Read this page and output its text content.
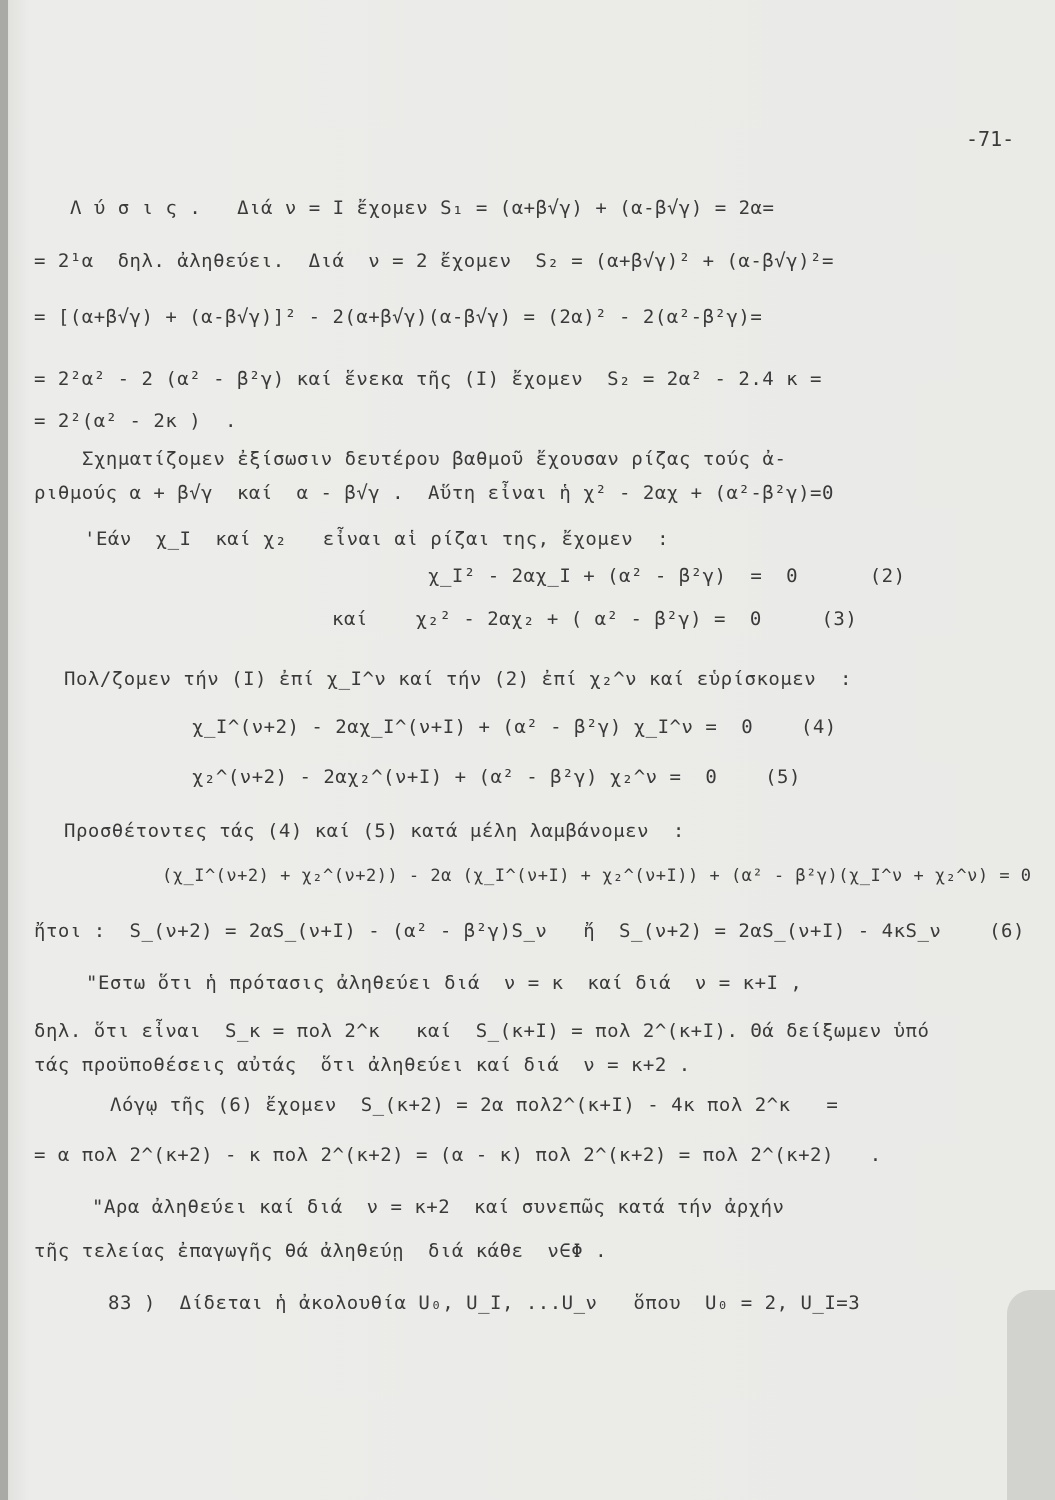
-71-
Λ ύ σ ι ς .   Διά ν = Ι ἔχομεν S₁ = (α+β√γ) + (α-β√γ) = 2α=
= 2¹α  δηλ. ἀληθεύει.  Διά  ν = 2 ἔχομεν  S₂ = (α+β√γ)² + (α-β√γ)²=
= [(α+β√γ) + (α-β√γ)]² - 2(α+β√γ)(α-β√γ) = (2α)² - 2(α²-β²γ)=
= 2²α² - 2 (α² - β²γ) καί ἕνεκα τῆς (Ι) ἔχομεν  S₂ = 2α² - 2.4 κ =
= 2²(α² - 2κ )  .
Σχηματίζομεν ἐξίσωσιν δευτέρου βαθμοῦ ἔχουσαν ρίζας τούς ἀ-
ριθμούς α + β√γ  καί  α - β√γ .  Αὕτη εἶναι ἡ χ² - 2αχ + (α²-β²γ)=0
'Εάν  χ_Ι  καί χ₂   εἶναι αἱ ρίζαι της, ἔχομεν  :
χ_Ι² - 2αχ_Ι + (α² - β²γ)  =  0      (2)
καί    χ₂² - 2αχ₂ + ( α² - β²γ) =  0     (3)
Πολ/ζομεν τήν (Ι) ἐπί χ_Ι^ν καί τήν (2) ἐπί χ₂^ν καί εὑρίσκομεν  :
χ_Ι^(ν+2) - 2αχ_Ι^(ν+Ι) + (α² - β²γ) χ_Ι^ν =  0    (4)
χ₂^(ν+2) - 2αχ₂^(ν+Ι) + (α² - β²γ) χ₂^ν =  0    (5)
Προσθέτοντες τάς (4) καί (5) κατά μέλη λαμβάνομεν  :
(χ_Ι^(ν+2) + χ₂^(ν+2)) - 2α (χ_Ι^(ν+Ι) + χ₂^(ν+Ι)) + (α² - β²γ)(χ_Ι^ν + χ₂^ν) = 0
ἤτοι :  S_(ν+2) = 2αS_(ν+Ι) - (α² - β²γ)S_ν   ἤ  S_(ν+2) = 2αS_(ν+Ι) - 4κS_ν    (6)
"Εστω ὅτι ἡ πρότασις ἀληθεύει διά  ν = κ  καί διά  ν = κ+Ι ,
δηλ. ὅτι εἶναι  S_κ = πολ 2^κ   καί  S_(κ+Ι) = πολ 2^(κ+Ι). Θά δείξωμεν ὑπό
τάς προϋποθέσεις αὐτάς  ὅτι ἀληθεύει καί διά  ν = κ+2 .
Λόγῳ τῆς (6) ἔχομεν  S_(κ+2) = 2α πολ2^(κ+Ι) - 4κ πολ 2^κ   =
= α πολ 2^(κ+2) - κ πολ 2^(κ+2) = (α - κ) πολ 2^(κ+2) = πολ 2^(κ+2)   .
"Αρα ἀληθεύει καί διά  ν = κ+2  καί συνεπῶς κατά τήν ἀρχήν
τῆς τελείας ἐπαγωγῆς θά ἀληθεύῃ  διά κάθε  ν∈Φ .
83 )  Δίδεται ἡ ἀκολουθία U₀, U_Ι, ...U_ν   ὅπου  U₀ = 2, U_Ι=3
